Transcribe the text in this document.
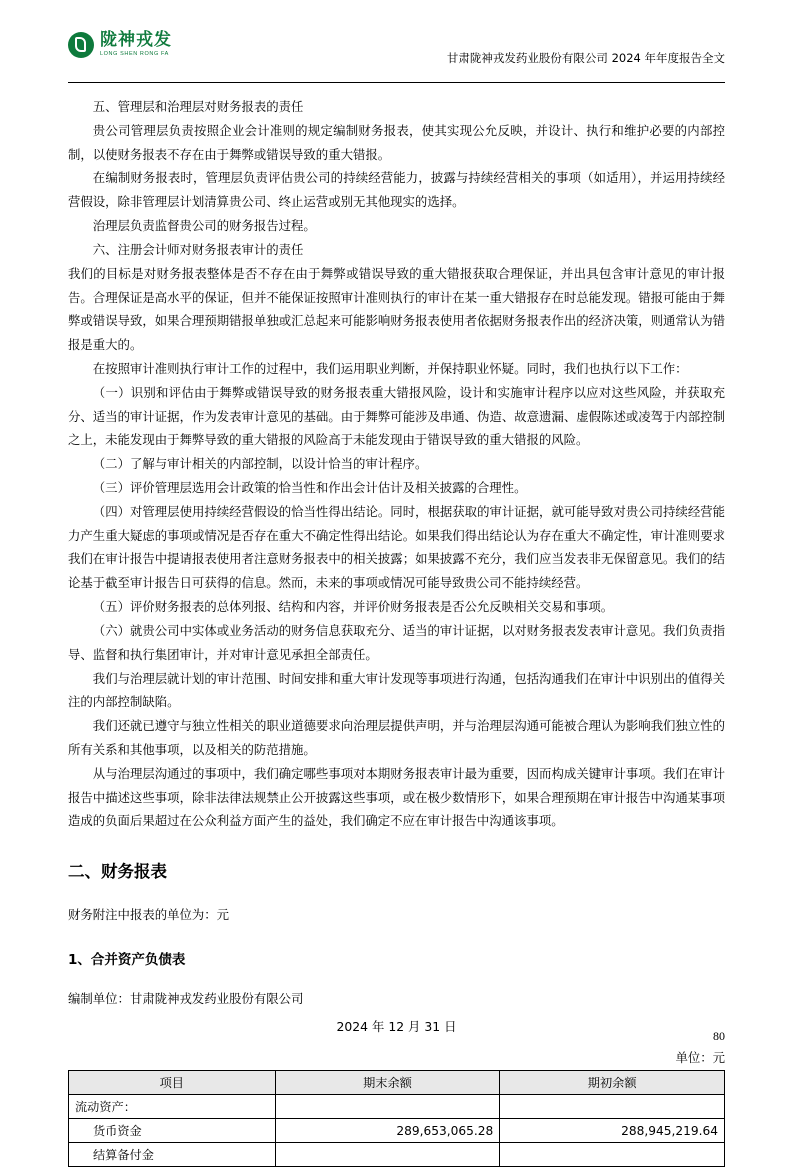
陇神戎发
LONG SHEN RONG FA	甘肃陇神戎发药业股份有限公司 2024 年年度报告全文

五、管理层和治理层对财务报表的责任

贵公司管理层负责按照企业会计准则的规定编制财务报表，使其实现公允反映，并设计、执行和维护必要的内部控制，以使财务报表不存在由于舞弊或错误导致的重大错报。

在编制财务报表时，管理层负责评估贵公司的持续经营能力，披露与持续经营相关的事项（如适用），并运用持续经营假设，除非管理层计划清算贵公司、终止运营或别无其他现实的选择。

治理层负责监督贵公司的财务报告过程。

六、注册会计师对财务报表审计的责任

我们的目标是对财务报表整体是否不存在由于舞弊或错误导致的重大错报获取合理保证，并出具包含审计意见的审计报告。合理保证是高水平的保证，但并不能保证按照审计准则执行的审计在某一重大错报存在时总能发现。错报可能由于舞弊或错误导致，如果合理预期错报单独或汇总起来可能影响财务报表使用者依据财务报表作出的经济决策，则通常认为错报是重大的。

在按照审计准则执行审计工作的过程中，我们运用职业判断，并保持职业怀疑。同时，我们也执行以下工作：

（一）识别和评估由于舞弊或错误导致的财务报表重大错报风险，设计和实施审计程序以应对这些风险，并获取充分、适当的审计证据，作为发表审计意见的基础。由于舞弊可能涉及串通、伪造、故意遗漏、虚假陈述或凌驾于内部控制之上，未能发现由于舞弊导致的重大错报的风险高于未能发现由于错误导致的重大错报的风险。

（二）了解与审计相关的内部控制，以设计恰当的审计程序。

（三）评价管理层选用会计政策的恰当性和作出会计估计及相关披露的合理性。

（四）对管理层使用持续经营假设的恰当性得出结论。同时，根据获取的审计证据，就可能导致对贵公司持续经营能力产生重大疑虑的事项或情况是否存在重大不确定性得出结论。如果我们得出结论认为存在重大不确定性，审计准则要求我们在审计报告中提请报表使用者注意财务报表中的相关披露；如果披露不充分，我们应当发表非无保留意见。我们的结论基于截至审计报告日可获得的信息。然而，未来的事项或情况可能导致贵公司不能持续经营。

（五）评价财务报表的总体列报、结构和内容，并评价财务报表是否公允反映相关交易和事项。

（六）就贵公司中实体或业务活动的财务信息获取充分、适当的审计证据，以对财务报表发表审计意见。我们负责指导、监督和执行集团审计，并对审计意见承担全部责任。

我们与治理层就计划的审计范围、时间安排和重大审计发现等事项进行沟通，包括沟通我们在审计中识别出的值得关注的内部控制缺陷。

我们还就已遵守与独立性相关的职业道德要求向治理层提供声明，并与治理层沟通可能被合理认为影响我们独立性的所有关系和其他事项，以及相关的防范措施。

从与治理层沟通过的事项中，我们确定哪些事项对本期财务报表审计最为重要，因而构成关键审计事项。我们在审计报告中描述这些事项，除非法律法规禁止公开披露这些事项，或在极少数情形下，如果合理预期在审计报告中沟通某事项造成的负面后果超过在公众利益方面产生的益处，我们确定不应在审计报告中沟通该事项。

二、财务报表

财务附注中报表的单位为：元

1、合并资产负债表
编制单位：甘肃陇神戎发药业股份有限公司
2024 年 12 月 31 日
单位：元
项目	期末余额	期初余额
流动资产：		
货币资金	289,653,065.28	288,945,219.64
结算备付金		
80
